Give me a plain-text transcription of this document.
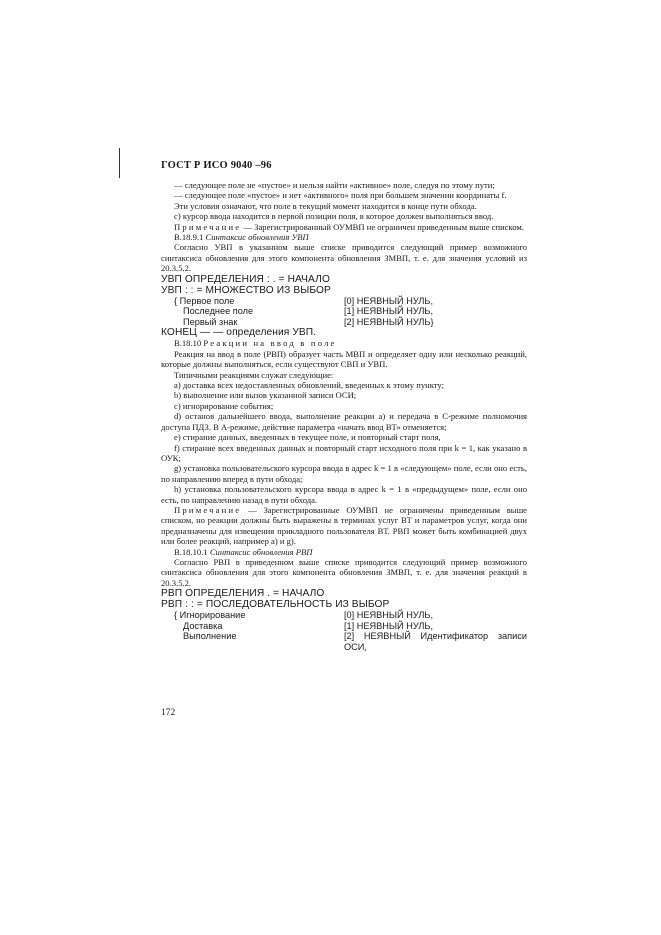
ГОСТ Р ИСО 9040 –96

— следующее поле не «пустое» и нельзя найти «активное» поле, следуя по этому пути;

— следующее поле «пустое» и нет «активного» поля при большем значении координаты f.

Эти условия означают, что поле в текущий момент находится в конце пути обхода.

с) курсор ввода находится в первой позиции поля, в которое должен выполняться ввод.

Примечание — Зарегистрированный ОУМВП не ограничен приведенным выше списком.

В.18.9.1 Синтаксис обновления УВП

Согласно УВП в указанном выше списке приводится следующий пример возможного синтаксиса обновления для этого компонента обновления ЗМВП, т. е. для значения условий из 20.3.5.2.

УВП ОПРЕДЕЛЕНИЯ : . = НАЧАЛО

УВП : : = МНОЖЕСТВО ИЗ ВЫБОР

{ Первое поле	[0] НЕЯВНЫЙ НУЛЬ,
Последнее поле	[1] НЕЯВНЫЙ НУЛЬ,
Первый знак	[2] НЕЯВНЫЙ НУЛЬ}

КОНЕЦ — — определения УВП.

В.18.10 Реакции на ввод в поле

Реакция на ввод в поле (РВП) образует часть МВП и определяет одну или несколько реакций, которые должны выполняться, если существуют СВП и УВП.

Типичными реакциями служат следующие:

а) доставка всех недоставленных обновлений, введенных к этому пункту;

b) выполнение или вызов указанной записи ОСИ;

с) игнорирование события;

d) останов дальнейшего ввода, выполнение реакции а) и передача в С-режиме полномочия доступа ПДЗ. В А-режиме, действие параметра «начать ввод ВТ» отменяется;

е) стирание данных, введенных в текущее поле, и повторный старт поля,

f) стирание всех введенных данных и повторный старт исходного поля при k = 1, как указано в ОУК;

g) установка пользовательского курсора ввода в адрес k = 1 в «следующем» поле, если оно есть, по направлению вперед в пути обхода;

h) установка пользовательского курсора ввода в адрес k = 1 в «предыдущем» поле, если оно есть, по направлению назад в пути обхода.

Примечание — Зарегистрированные ОУМВП не ограничены приведенным выше списком, но реакции должны быть выражены в терминах услуг ВТ и параметров услуг, когда они предназначены для извещения прикладного пользователя ВТ. РВП может быть комбинацией двух или более реакций, например а) и g).

В.18.10.1 Синтаксис обновления РВП

Согласно РВП в приведенном выше списке приводится следующий пример возможного синтаксиса обновления для этого компонента обновления ЗМВП, т. е. для значения реакций в 20.3.5.2.

РВП ОПРЕДЕЛЕНИЯ . = НАЧАЛО

РВП : : = ПОСЛЕДОВАТЕЛЬНОСТЬ ИЗ ВЫБОР

{ Игнорирование	[0] НЕЯВНЫЙ НУЛЬ,
Доставка	[1] НЕЯВНЫЙ НУЛЬ,
Выполнение	[2] НЕЯВНЫЙ Идентификатор записи ОСИ,
172
